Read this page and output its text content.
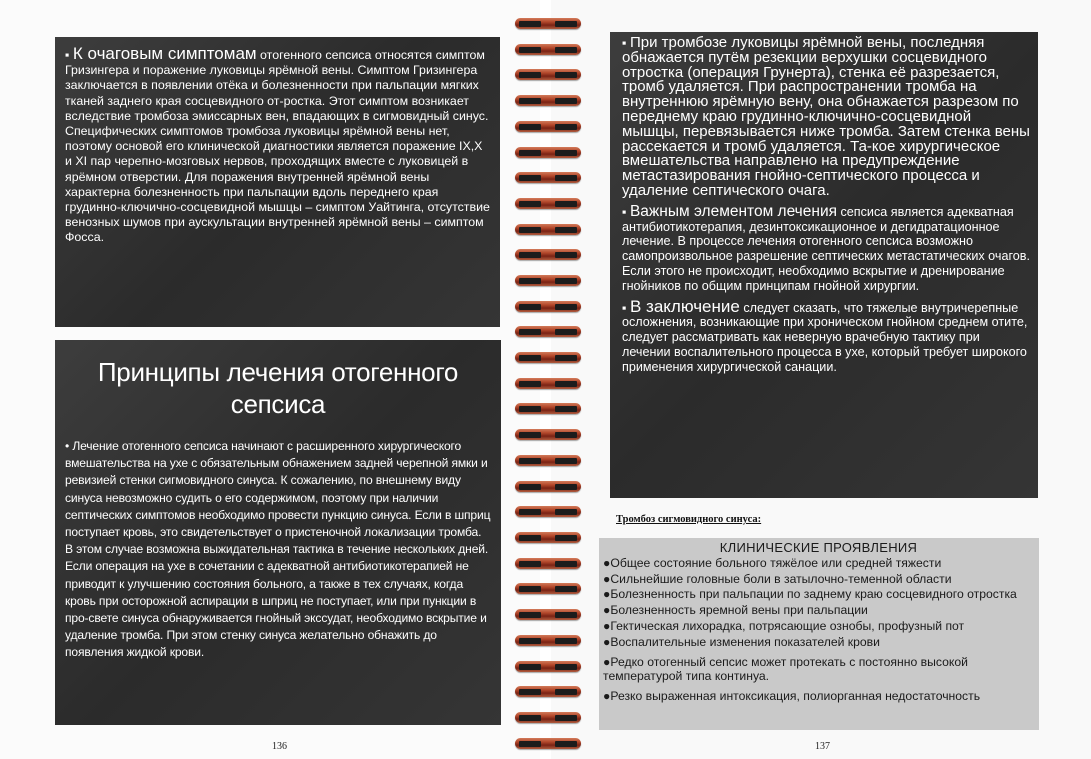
▪ К очаговым симптомам отогенного сепсиса относятся симптом Гризингера и поражение луковицы ярёмной вены. Симптом Гризингера заключается в появлении отёка и болезненности при пальпации мягких тканей заднего края сосцевидного от-ростка. Этот симптом возникает вследствие тромбоза эмиссарных вен, впадающих в сигмовидный синус. Специфических симптомов тромбоза луковицы ярёмной вены нет, поэтому основой его клинической диагностики является поражение IX,X и XI пар черепно-мозговых нервов, проходящих вместе с луковицей в ярёмном отверстии. Для поражения внутренней ярёмной вены характерна болезненность при пальпации вдоль переднего края грудинно-ключично-сосцевидной мышцы – симптом Уайтинга, отсутствие венозных шумов при аускультации внутренней ярёмной вены – симптом Фосса.
Принципы лечения отогенного
сепсиса
• Лечение отогенного сепсиса начинают с расширенного хирургического вмешательства на ухе с обязательным обнажением задней черепной ямки и ревизией стенки сигмовидного синуса. К сожалению, по внешнему виду синуса невозможно судить о его содержимом, поэтому при наличии септических симптомов необходимо провести пункцию синуса. Если в шприц поступает кровь, это свидетельствует о пристеночной локализации тромба. В этом случае возможна выжидательная тактика в течение нескольких дней. Если операция на ухе в сочетании с адекватной антибиотикотерапией не приводит к улучшению состояния больного, а также в тех случаях, когда кровь при осторожной аспирации в шприц не поступает, или при пункции в про-свете синуса обнаруживается гнойный экссудат, необходимо вскрытие и удаление тромба. При этом стенку синуса желательно обнажить до появления жидкой крови.
136

▪ При тромбозе луковицы ярёмной вены, последняя обнажается путём резекции верхушки сосцевидного отростка (операция Грунерта), стенка её разрезается, тромб удаляется. При распространении тромба на внутреннюю ярёмную вену, она обнажается разрезом по переднему краю грудинно-ключично-сосцевидной мышцы, перевязывается ниже тромба. Затем стенка вены рассекается и тромб удаляется. Та-кое хирургическое вмешательства направлено на предупреждение метастазирования гнойно-септического процесса и удаление септического очага.

▪ Важным элементом лечения сепсиса является адекватная антибиотикотерапия, дезинтоксикационное и дегидратационное лечение. В процессе лечения отогенного сепсиса возможно самопроизвольное разрешение септических метастатических очагов. Если этого не происходит, необходимо вскрытие и дренирование гнойников по общим принципам гнойной хирургии.

▪ В заключение следует сказать, что тяжелые внутричерепные осложнения, возникающие при хроническом гнойном среднем отите, следует рассматривать как неверную врачебную тактику при лечении воспалительного процесса в ухе, который требует широкого применения хирургической санации.

Тромбоз сигмовидного синуса:
КЛИНИЧЕСКИЕ ПРОЯВЛЕНИЯ
●Общее состояние больного тяжёлое или средней тяжести
●Сильнейшие головные боли в затылочно-теменной области
●Болезненность при пальпации по заднему краю сосцевидного отростка
●Болезненность яремной вены при пальпации
●Гектическая лихорадка, потрясающие ознобы, профузный пот
●Воспалительные изменения показателей крови
●Редко отогенный сепсис может протекать с постоянно высокой температурой типа континуа.
●Резко выраженная интоксикация, полиорганная недостаточность
137
